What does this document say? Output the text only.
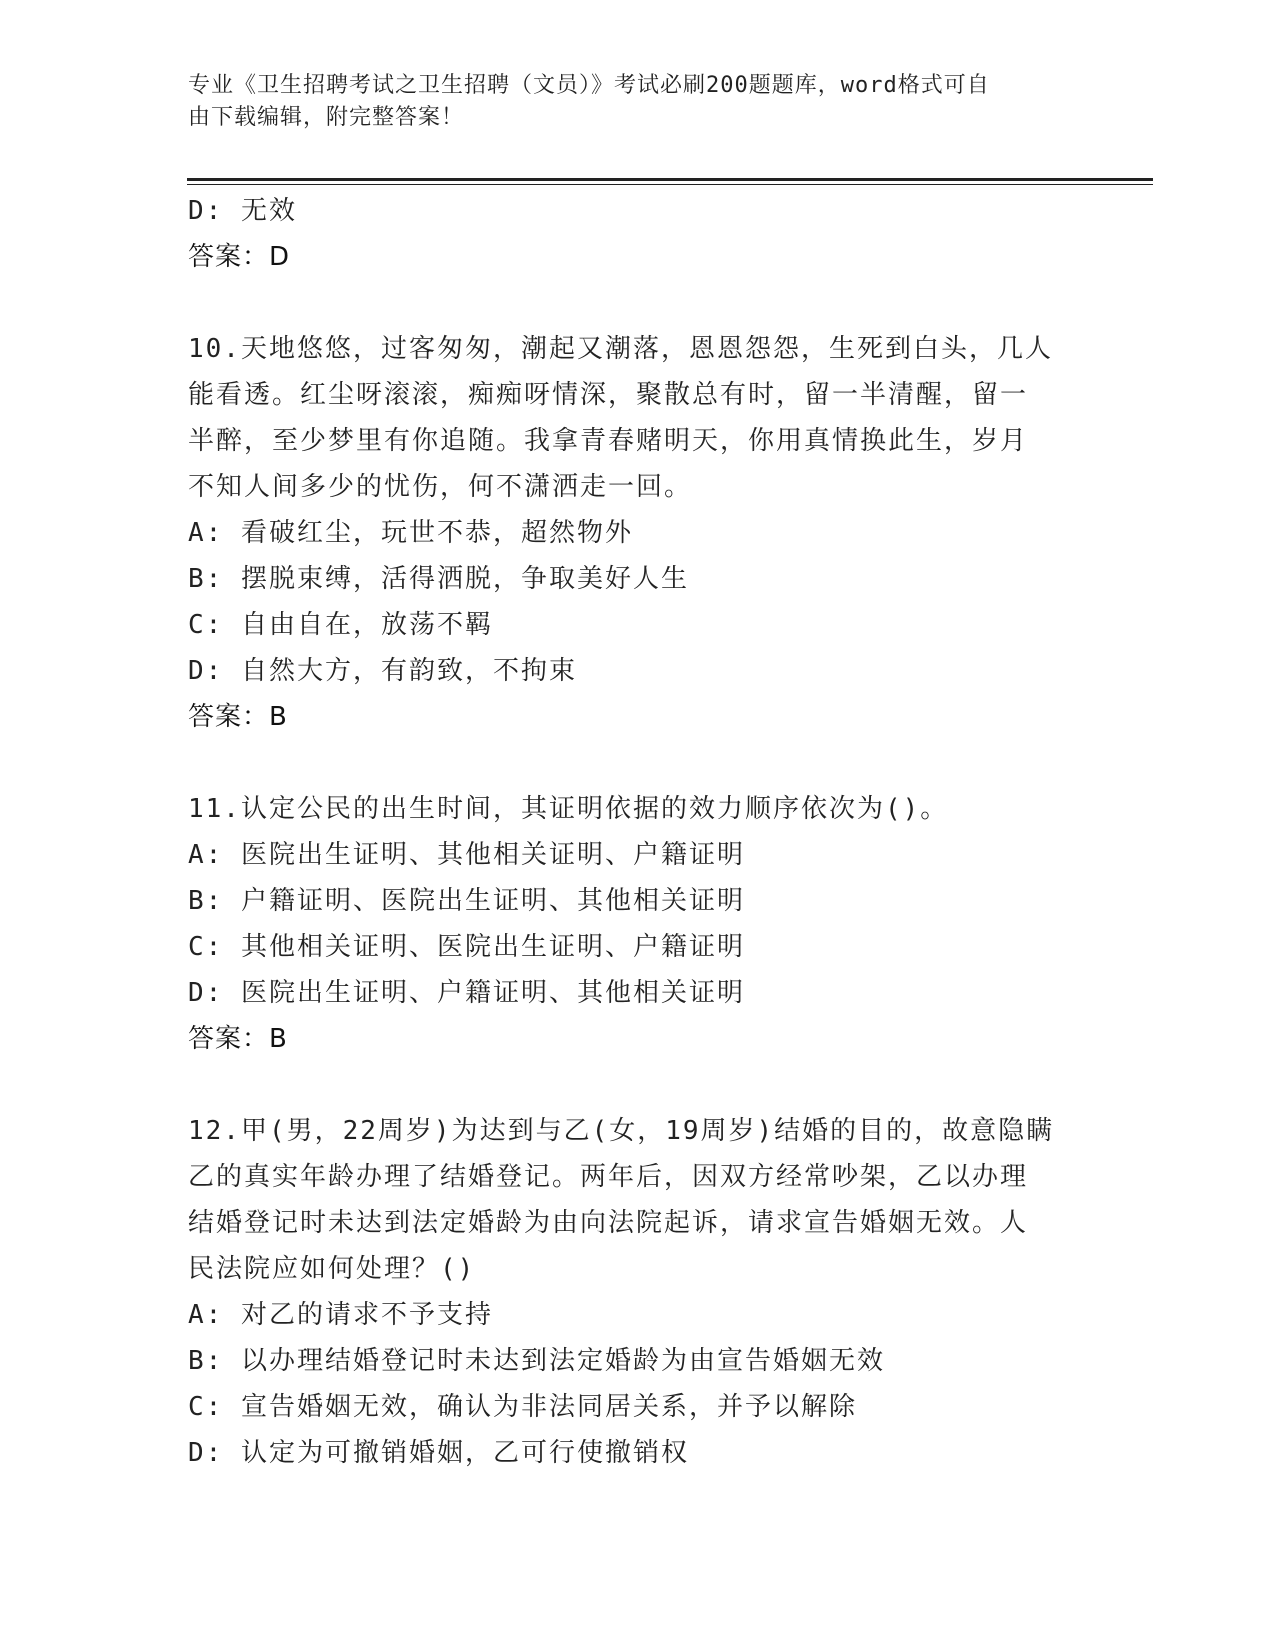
专业《卫生招聘考试之卫生招聘（文员）》考试必刷200题题库，word格式可自
由下载编辑，附完整答案！
D: 无效
答案：D
10.天地悠悠，过客匆匆，潮起又潮落，恩恩怨怨，生死到白头，几人
能看透。红尘呀滚滚，痴痴呀情深，聚散总有时，留一半清醒，留一
半醉，至少梦里有你追随。我拿青春赌明天，你用真情换此生，岁月
不知人间多少的忧伤，何不潇洒走一回。
A: 看破红尘，玩世不恭，超然物外
B: 摆脱束缚，活得洒脱，争取美好人生
C: 自由自在，放荡不羁
D: 自然大方，有韵致，不拘束
答案：B
11.认定公民的出生时间，其证明依据的效力顺序依次为()。
A: 医院出生证明、其他相关证明、户籍证明
B: 户籍证明、医院出生证明、其他相关证明
C: 其他相关证明、医院出生证明、户籍证明
D: 医院出生证明、户籍证明、其他相关证明
答案：B
12.甲(男，22周岁)为达到与乙(女，19周岁)结婚的目的，故意隐瞒
乙的真实年龄办理了结婚登记。两年后，因双方经常吵架，乙以办理
结婚登记时未达到法定婚龄为由向法院起诉，请求宣告婚姻无效。人
民法院应如何处理？()
A: 对乙的请求不予支持
B: 以办理结婚登记时未达到法定婚龄为由宣告婚姻无效
C: 宣告婚姻无效，确认为非法同居关系，并予以解除
D: 认定为可撤销婚姻，乙可行使撤销权
